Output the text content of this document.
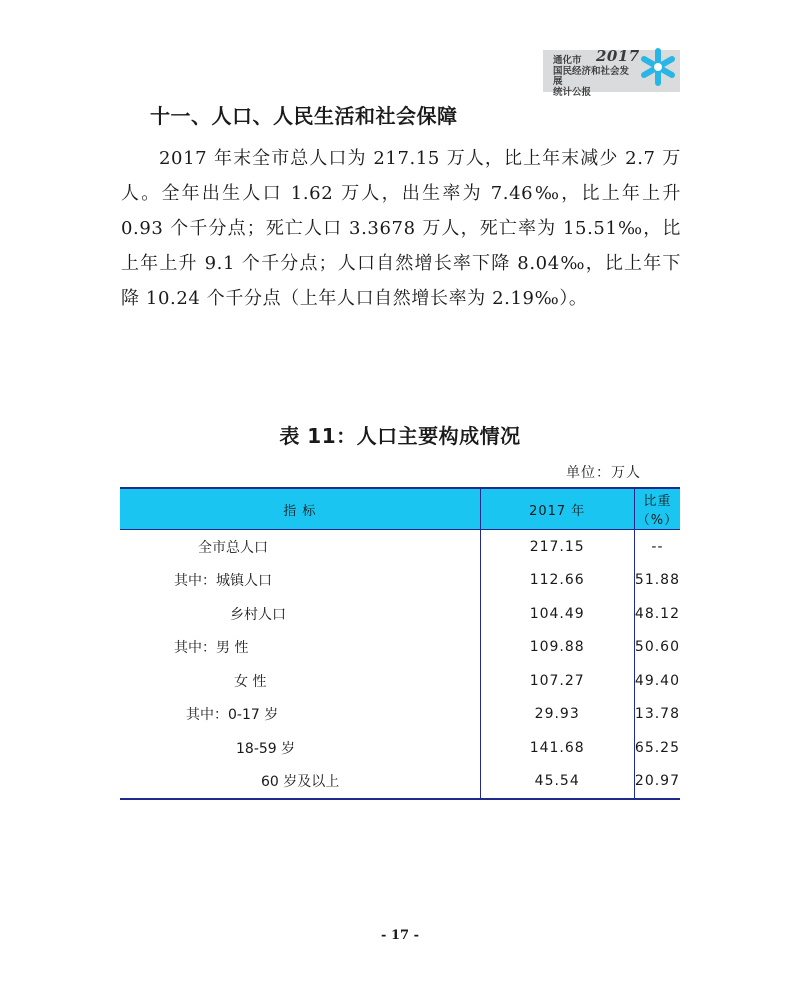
通化市
国民经济和社会发展
统计公报
2017
十一、人口、人民生活和社会保障

2017 年末全市总人口为 217.15 万人，比上年末减少 2.7 万人。全年出生人口 1.62 万人，出生率为 7.46‰，比上年上升 0.93 个千分点；死亡人口 3.3678 万人，死亡率为 15.51‰，比上年上升 9.1 个千分点；人口自然增长率下降 8.04‰，比上年下降 10.24 个千分点（上年人口自然增长率为 2.19‰）。

表 11：人口主要构成情况
单位：万人
指 标	2017 年	比重（%）
全市总人口	217.15	--
其中：城镇人口	112.66	51.88
乡村人口	104.49	48.12
其中：男 性	109.88	50.60
女 性	107.27	49.40
其中：0-17 岁	29.93	13.78
18-59 岁	141.68	65.25
60 岁及以上	45.54	20.97
- 17 -
